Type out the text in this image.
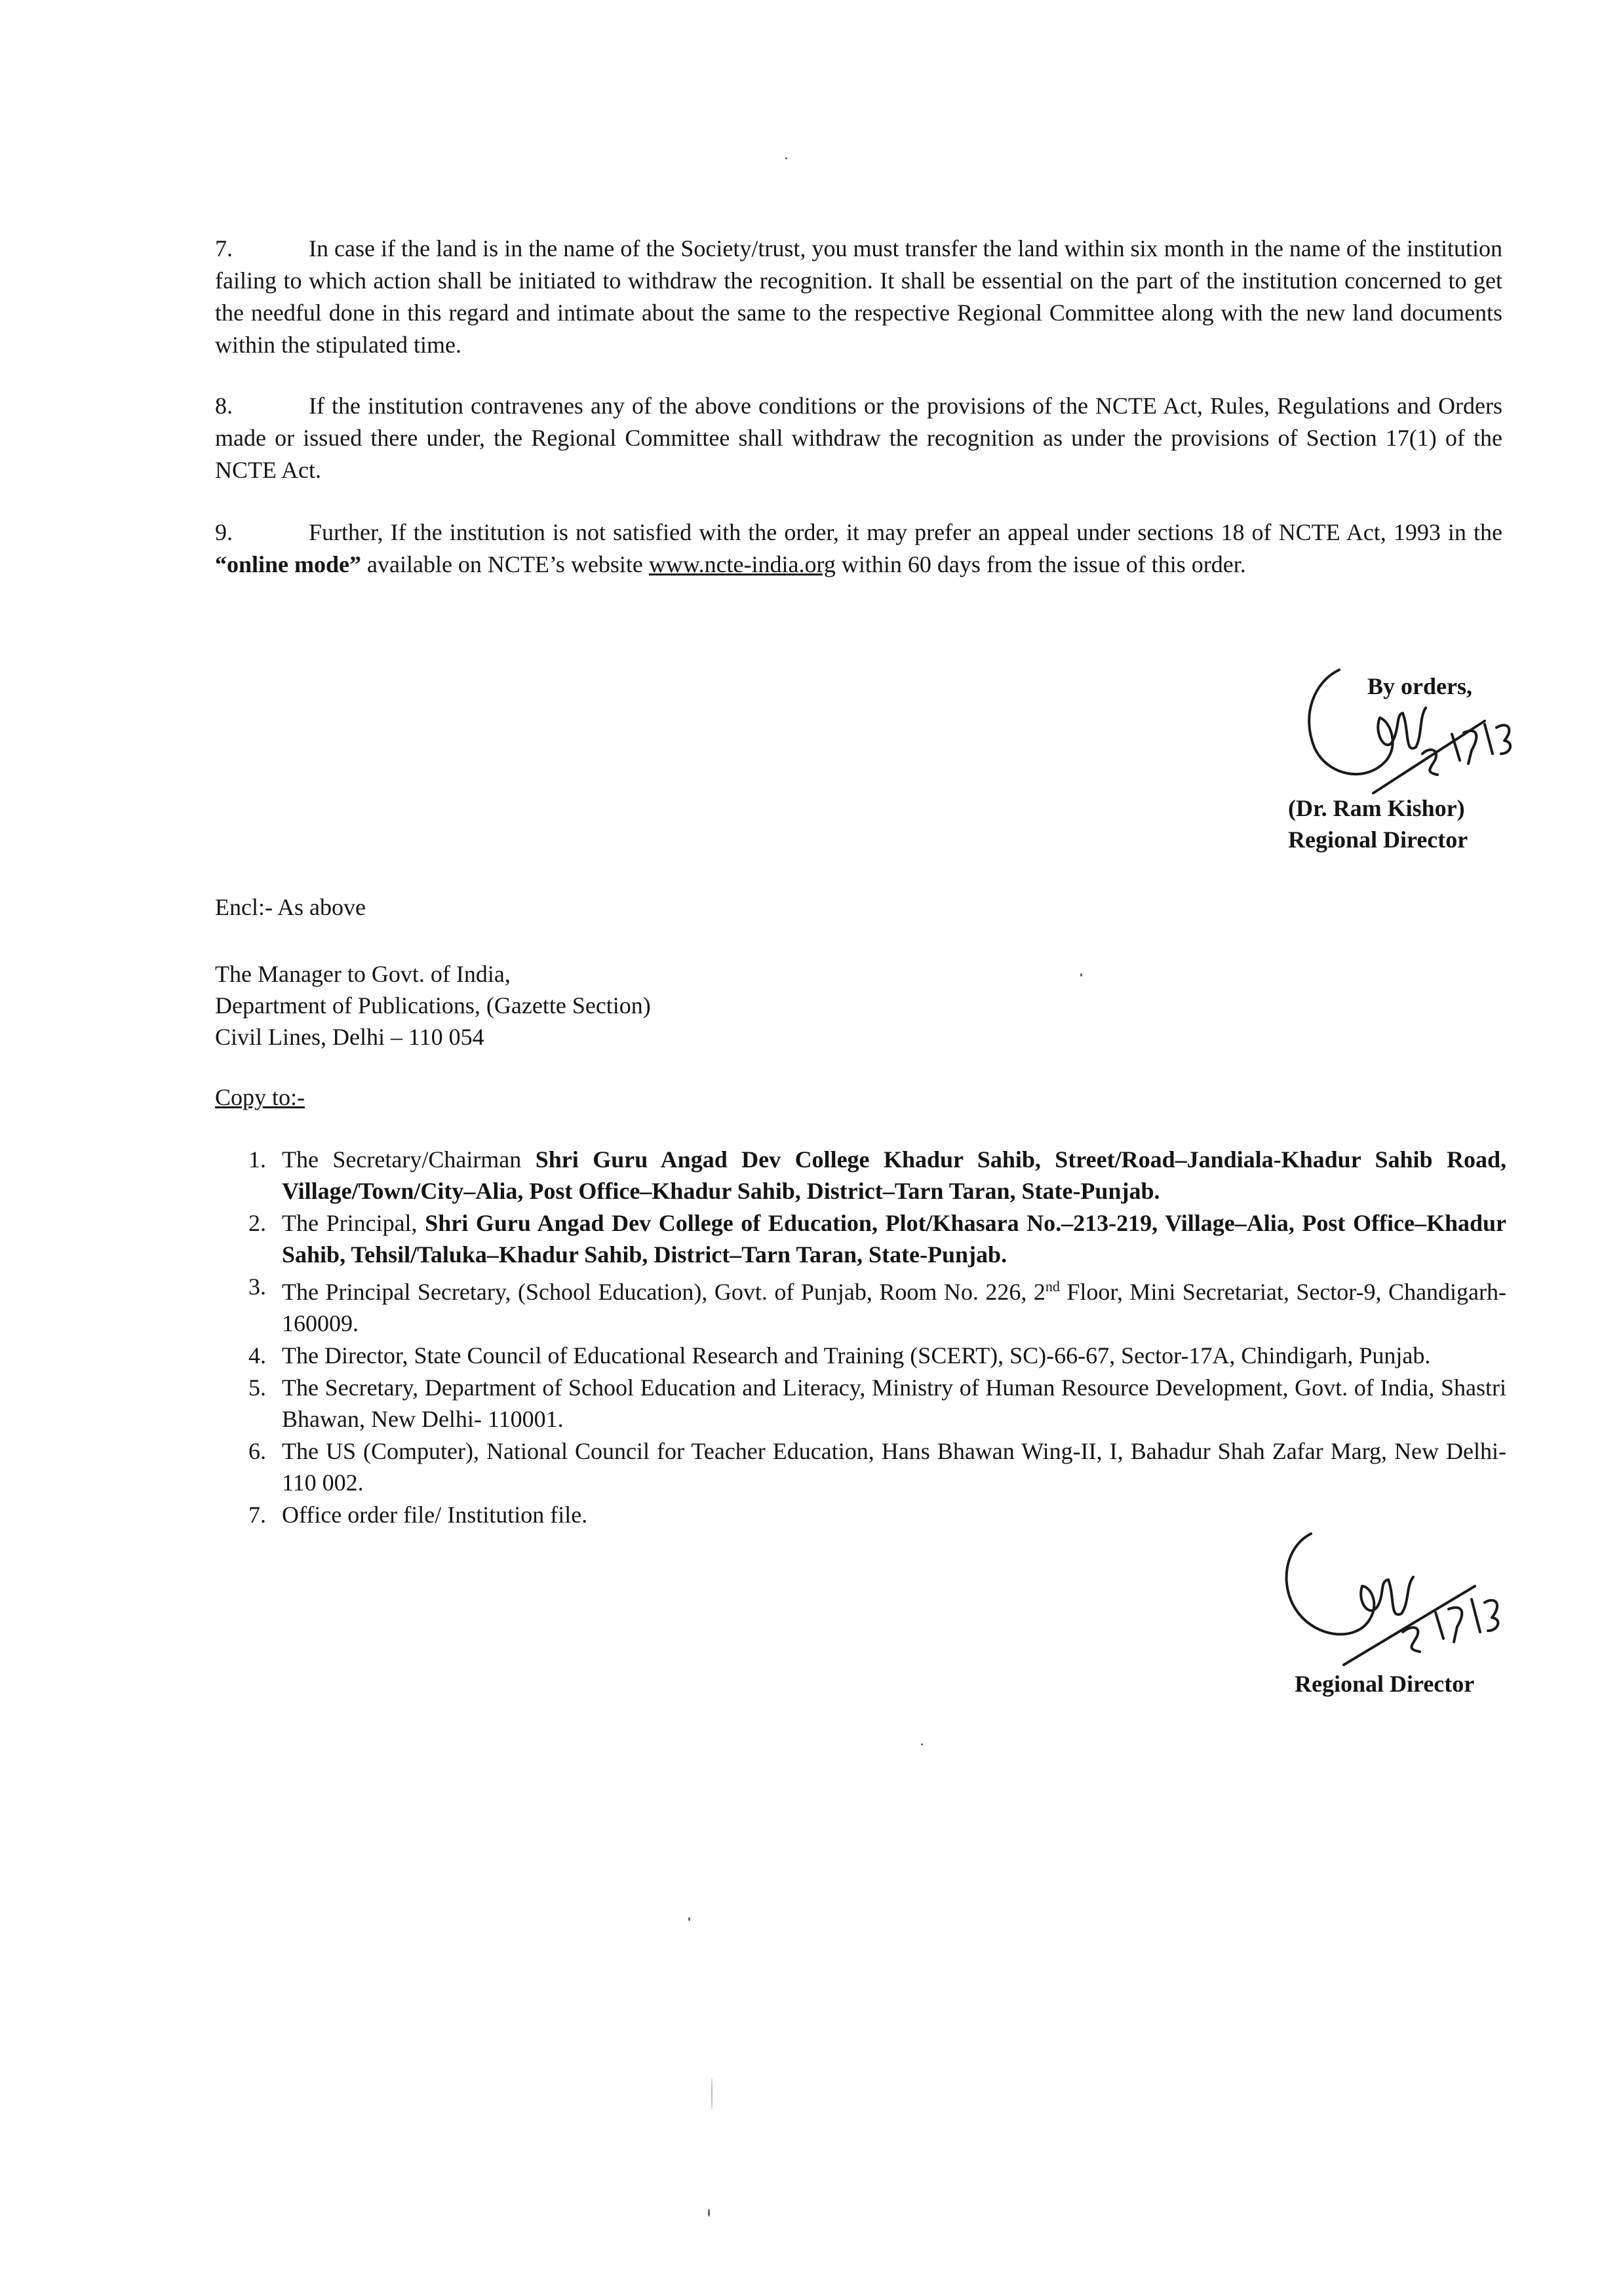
7.	In case if the land is in the name of the Society/trust, you must transfer the land within six month in the name of the institution failing to which action shall be initiated to withdraw the recognition. It shall be essential on the part of the institution concerned to get the needful done in this regard and intimate about the same to the respective Regional Committee along with the new land documents within the stipulated time.
8.	If the institution contravenes any of the above conditions or the provisions of the NCTE Act, Rules, Regulations and Orders made or issued there under, the Regional Committee shall withdraw the recognition as under the provisions of Section 17(1) of the NCTE Act.
9.	Further, If the institution is not satisfied with the order, it may prefer an appeal under sections 18 of NCTE Act, 1993 in the “online mode” available on NCTE’s website www.ncte-india.org within 60 days from the issue of this order.
By orders,
(Dr. Ram Kishor)
Regional Director
Encl:- As above
The Manager to Govt. of India,
Department of Publications, (Gazette Section)
Civil Lines, Delhi – 110 054
Copy to:-
1. The Secretary/Chairman Shri Guru Angad Dev College Khadur Sahib, Street/Road–Jandiala-Khadur Sahib Road, Village/Town/City–Alia, Post Office–Khadur Sahib, District–Tarn Taran, State-Punjab.
2. The Principal, Shri Guru Angad Dev College of Education, Plot/Khasara No.–213-219, Village–Alia, Post Office–Khadur Sahib, Tehsil/Taluka–Khadur Sahib, District–Tarn Taran, State-Punjab.
3. The Principal Secretary, (School Education), Govt. of Punjab, Room No. 226, 2nd Floor, Mini Secretariat, Sector-9, Chandigarh-160009.
4. The Director, State Council of Educational Research and Training (SCERT), SC)-66-67, Sector-17A, Chindigarh, Punjab.
5. The Secretary, Department of School Education and Literacy, Ministry of Human Resource Development, Govt. of India, Shastri Bhawan, New Delhi- 110001.
6. The US (Computer), National Council for Teacher Education, Hans Bhawan Wing-II, I, Bahadur Shah Zafar Marg, New Delhi- 110 002.
7. Office order file/ Institution file.
Regional Director
